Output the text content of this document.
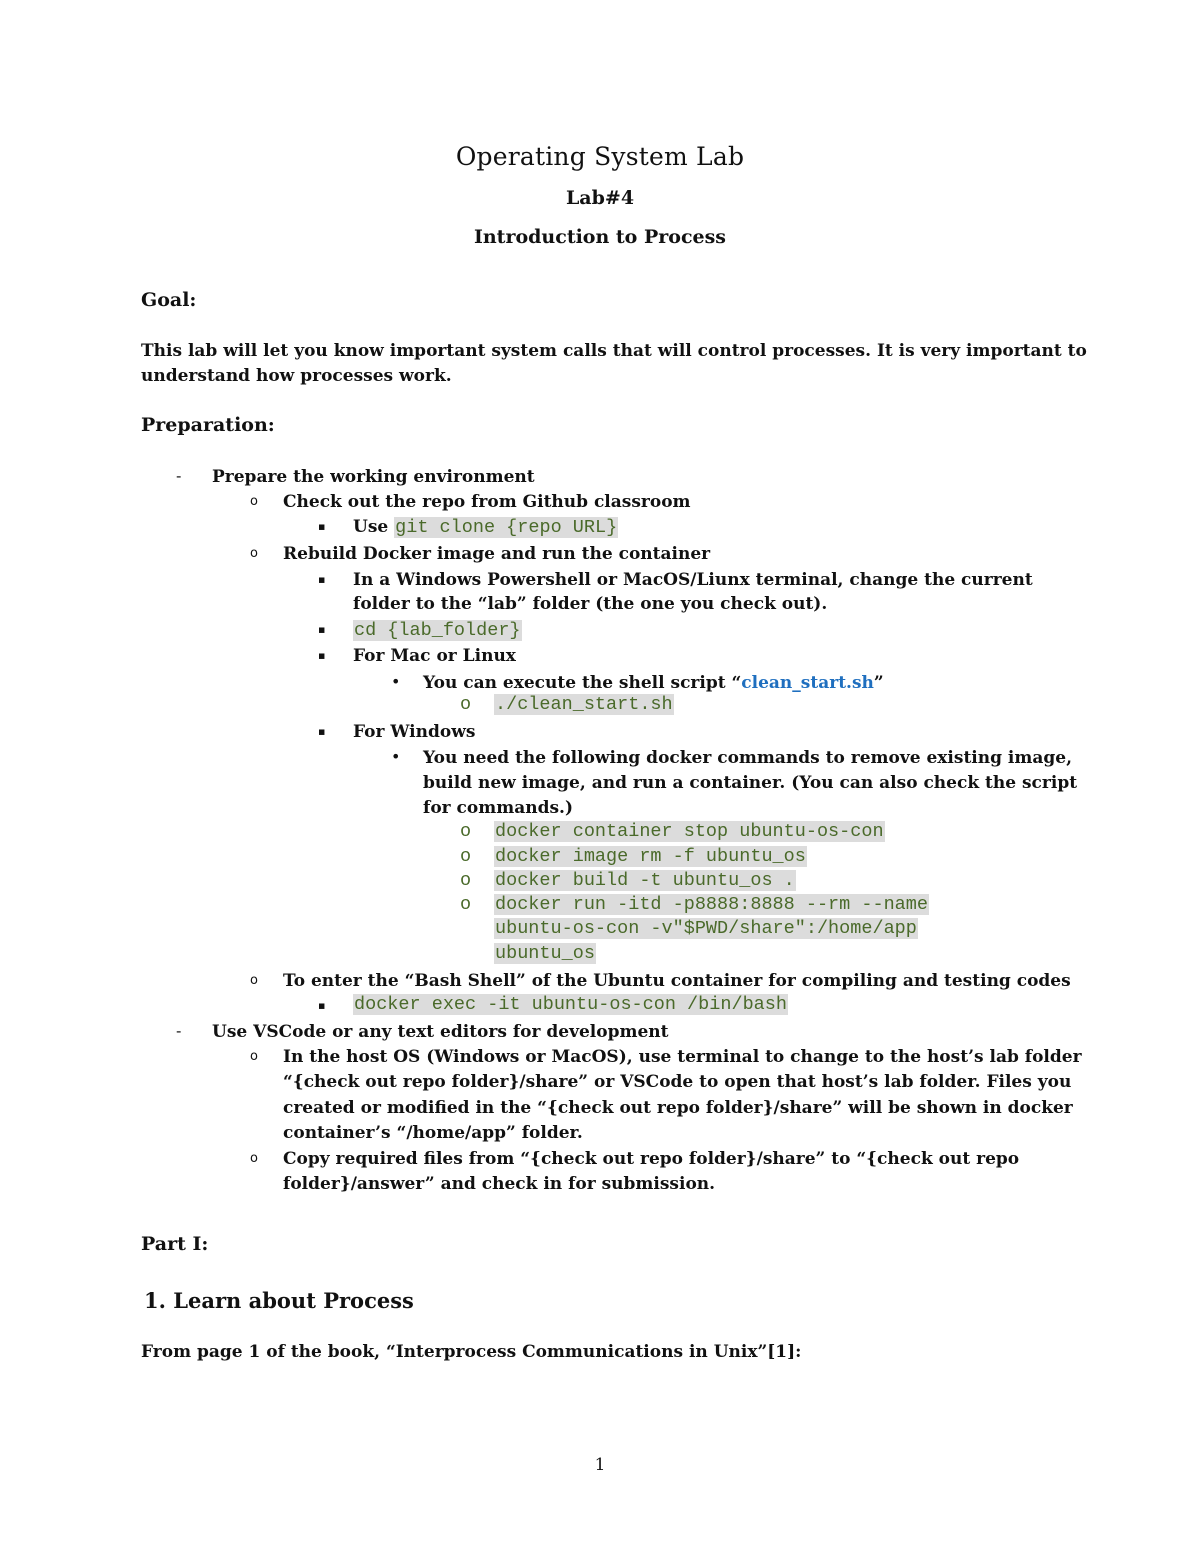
Operating System Lab
Lab#4
Introduction to Process
Goal:
This lab will let you know important system calls that will control processes. It is very important to
understand how processes work.
Preparation:
- Prepare the working environment
o Check out the repo from Github classroom
▪ Use git clone {repo URL}
o Rebuild Docker image and run the container
▪ In a Windows Powershell or MacOS/Liunx terminal, change the current
folder to the “lab” folder (the one you check out).
▪ cd {lab_folder}
▪ For Mac or Linux
• You can execute the shell script “clean_start.sh”
o ./clean_start.sh
▪ For Windows
• You need the following docker commands to remove existing image,
build new image, and run a container. (You can also check the script
for commands.)
o docker container stop ubuntu-os-con
o docker image rm -f ubuntu_os
o docker build -t ubuntu_os .
o docker run -itd -p8888:8888 --rm --name
ubuntu-os-con -v"$PWD/share":/home/app
ubuntu_os
o To enter the “Bash Shell” of the Ubuntu container for compiling and testing codes
▪ docker exec -it ubuntu-os-con /bin/bash
- Use VSCode or any text editors for development
o In the host OS (Windows or MacOS), use terminal to change to the host’s lab folder
“{check out repo folder}/share” or VSCode to open that host’s lab folder. Files you
created or modified in the “{check out repo folder}/share” will be shown in docker
container’s “/home/app” folder.
o Copy required files from “{check out repo folder}/share” to “{check out repo
folder}/answer” and check in for submission.
Part I:
1. Learn about Process
From page 1 of the book, “Interprocess Communications in Unix”[1]:
1
